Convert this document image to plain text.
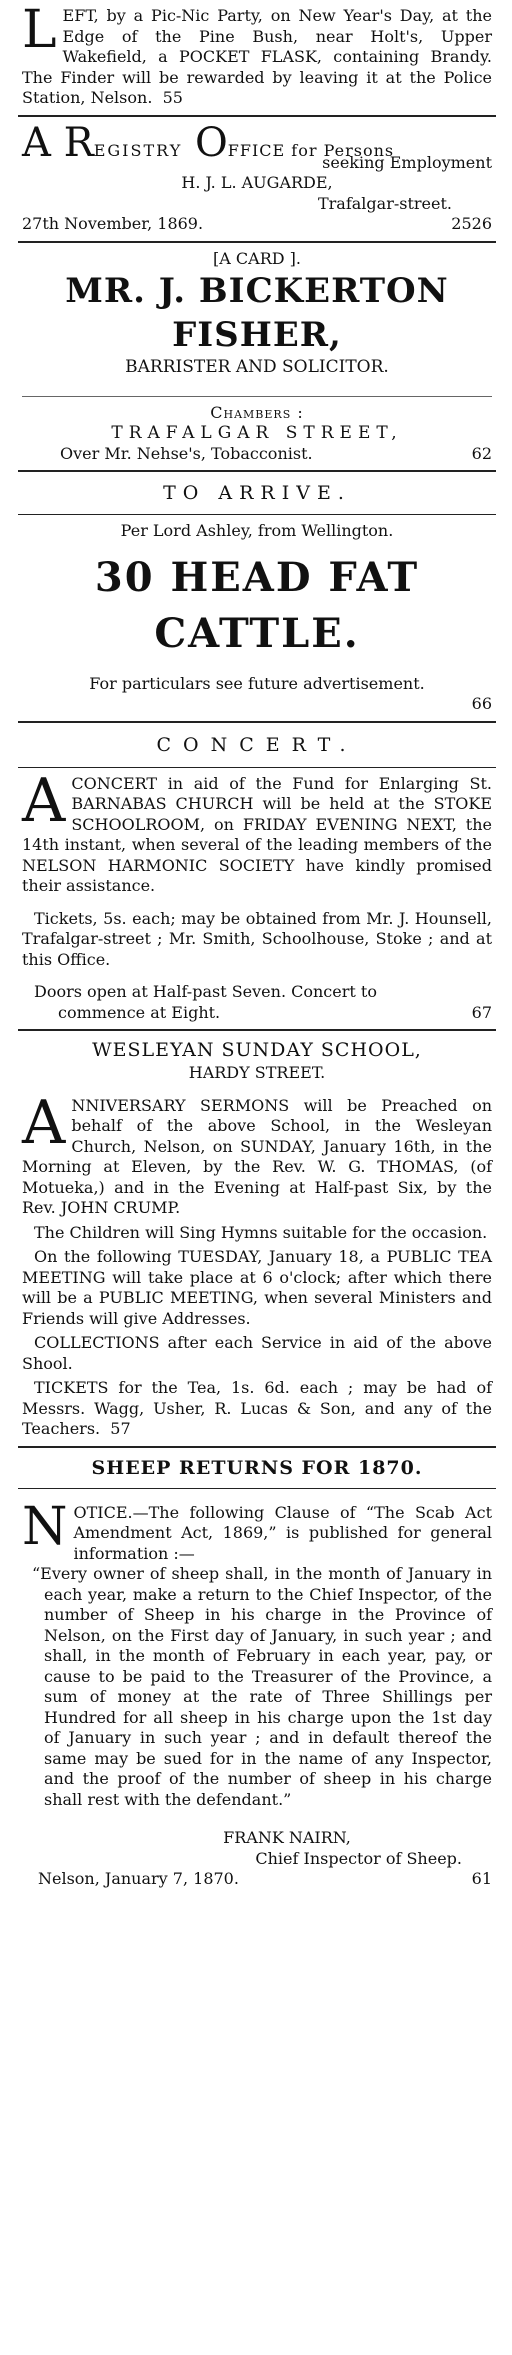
LEFT, by a Pic-Nic Party, on New Year's Day, at the Edge of the Pine Bush, near Holt's, Upper Wakefield, a POCKET FLASK, containing Brandy. The Finder will be rewarded by leaving it at the Police Station, Nelson. 55

A REGISTRY OFFICE for Persons

seeking Employment

H. J. L. AUGARDE,

Trafalgar-street.

27th November, 1869.	2526

[A CARD ].

MR. J. BICKERTON FISHER,

BARRISTER AND SOLICITOR.

Chambers :

TRAFALGAR STREET,

Over Mr. Nehse's, Tobacconist.	62

TO ARRIVE.

Per Lord Ashley, from Wellington.

30 HEAD FAT CATTLE.

For particulars see future advertisement.

66

CONCERT.

ACONCERT in aid of the Fund for Enlarging St. BARNABAS CHURCH will be held at the STOKE SCHOOLROOM, on FRIDAY EVENING NEXT, the 14th instant, when several of the leading members of the NELSON HARMONIC SOCIETY have kindly promised their assistance.

Tickets, 5s. each; may be obtained from Mr. J. Hounsell, Trafalgar-street ; Mr. Smith, Schoolhouse, Stoke ; and at this Office.

Doors open at Half-past Seven. Concert to

commence at Eight.	67

WESLEYAN SUNDAY SCHOOL,

HARDY STREET.

ANNIVERSARY SERMONS will be Preached on behalf of the above School, in the Wesleyan Church, Nelson, on SUNDAY, January 16th, in the Morning at Eleven, by the Rev. W. G. THOMAS, (of Motueka,) and in the Evening at Half-past Six, by the Rev. JOHN CRUMP.

The Children will Sing Hymns suitable for the occasion.

On the following TUESDAY, January 18, a PUBLIC TEA MEETING will take place at 6 o'clock; after which there will be a PUBLIC MEETING, when several Ministers and Friends will give Addresses.

COLLECTIONS after each Service in aid of the above Shool.

TICKETS for the Tea, 1s. 6d. each ; may be had of Messrs. Wagg, Usher, R. Lucas & Son, and any of the Teachers. 57

SHEEP RETURNS FOR 1870.

NOTICE.—The following Clause of “The Scab Act Amendment Act, 1869,” is published for general information :—

“Every owner of sheep shall, in the month of January in each year, make a return to the Chief Inspector, of the number of Sheep in his charge in the Province of Nelson, on the First day of January, in such year ; and shall, in the month of February in each year, pay, or cause to be paid to the Treasurer of the Province, a sum of money at the rate of Three Shillings per Hundred for all sheep in his charge upon the 1st day of January in such year ; and in default thereof the same may be sued for in the name of any Inspector, and the proof of the number of sheep in his charge shall rest with the defendant.”

FRANK NAIRN,

Chief Inspector of Sheep.

Nelson, January 7, 1870.	61
